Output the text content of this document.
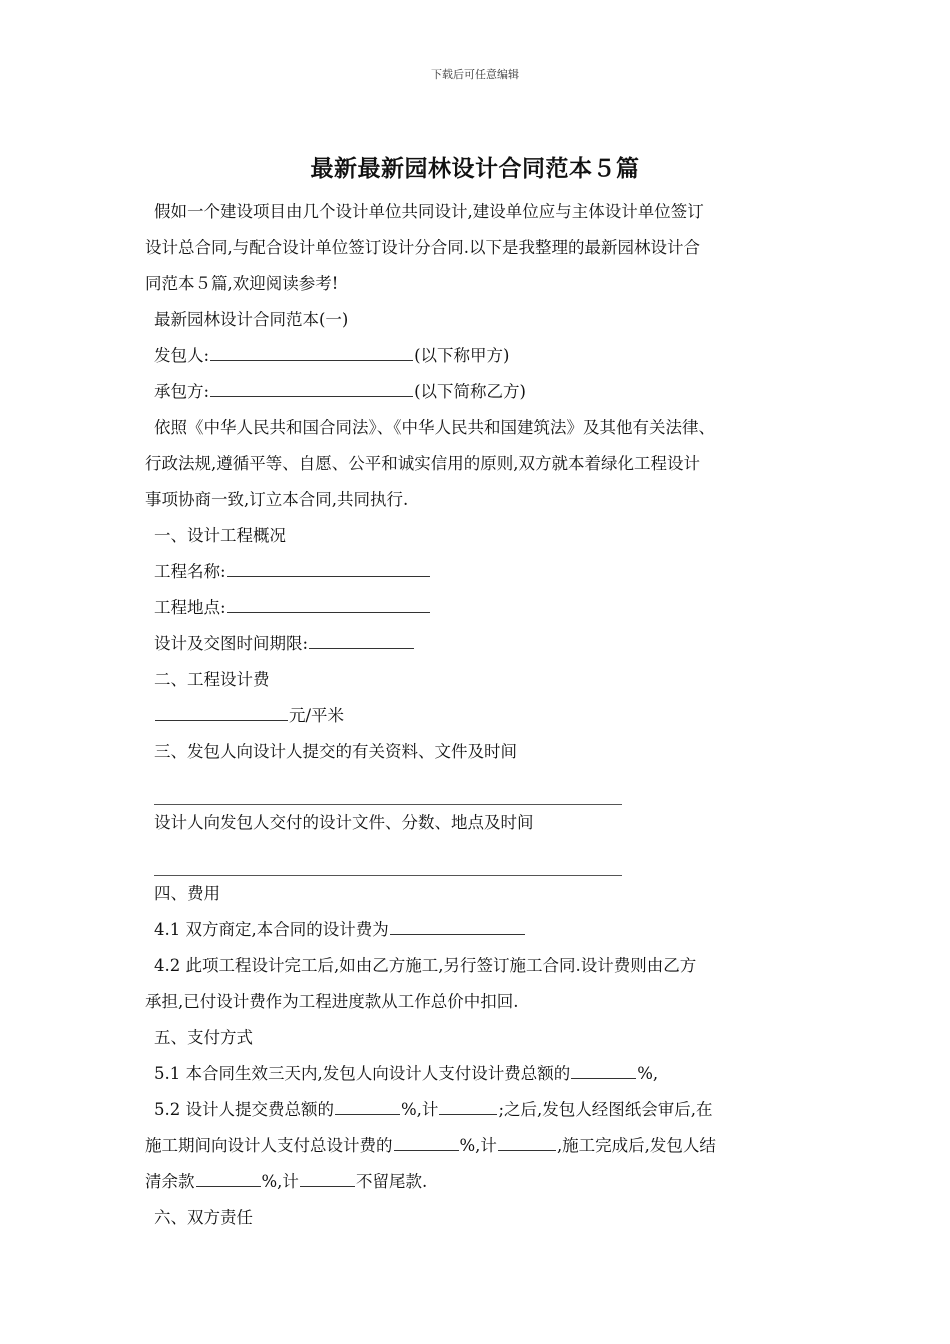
下载后可任意编辑
最新最新园林设计合同范本５篇

假如一个建设项目由几个设计单位共同设计,建设单位应与主体设计单位签订

设计总合同,与配合设计单位签订设计分合同.以下是我整理的最新园林设计合

同范本５篇,欢迎阅读参考!

最新园林设计合同范本(一)

发包人:	(以下称甲方)

承包方:	(以下简称乙方)

依照《中华人民共和国合同法》、《中华人民共和国建筑法》及其他有关法律、

行政法规,遵循平等、自愿、公平和诚实信用的原则,双方就本着绿化工程设计

事项协商一致,订立本合同,共同执行.

一、设计工程概况

工程名称:

工程地点:

设计及交图时间期限:

二、工程设计费

元/平米

三、发包人向设计人提交的有关资料、文件及时间

设计人向发包人交付的设计文件、分数、地点及时间

四、费用

4.1 双方商定,本合同的设计费为

4.2 此项工程设计完工后,如由乙方施工,另行签订施工合同.设计费则由乙方

承担,已付设计费作为工程进度款从工作总价中扣回.

五、支付方式

5.1 本合同生效三天内,发包人向设计人支付设计费总额的	%,

5.2 设计人提交费总额的	%,计	;之后,发包人经图纸会审后,在

施工期间向设计人支付总设计费的	%,计	,施工完成后,发包人结

清余款	%,计	不留尾款.

六、双方责任
